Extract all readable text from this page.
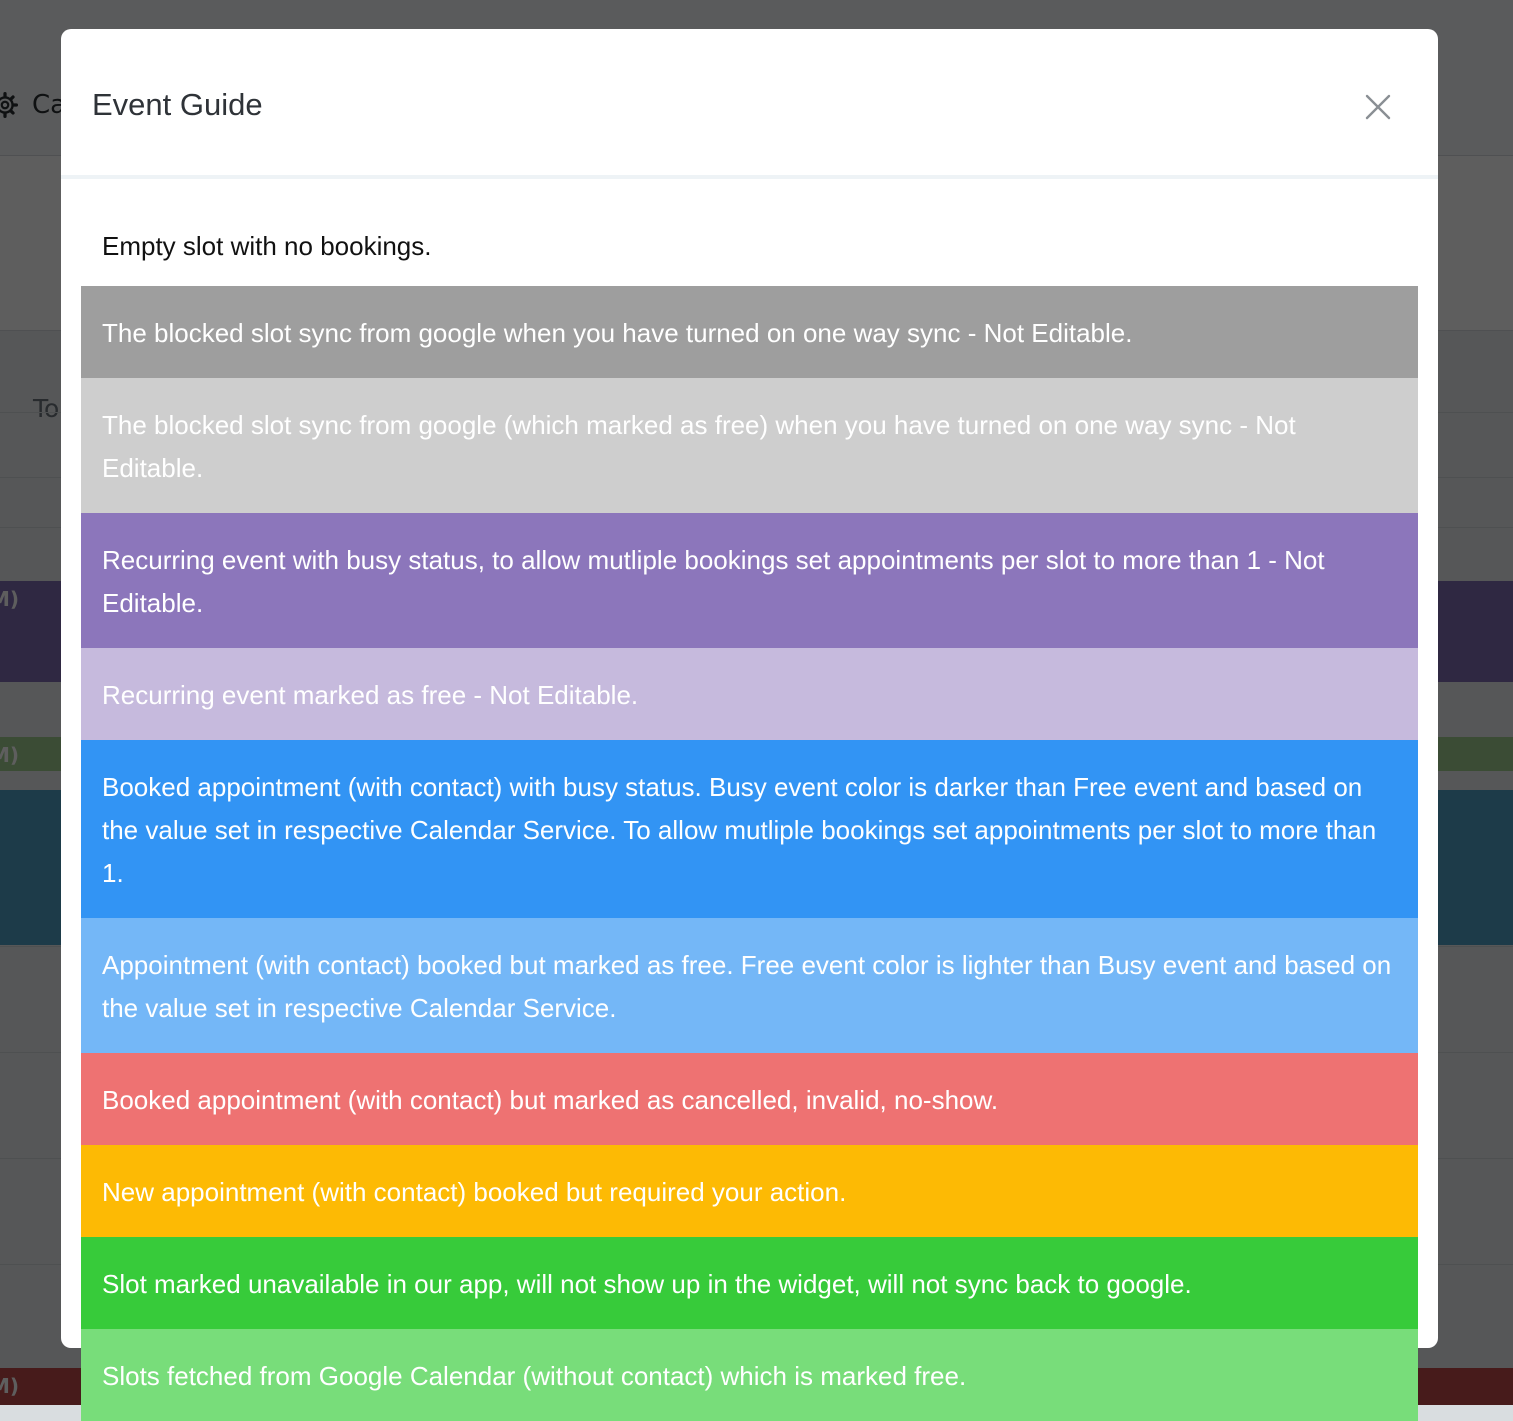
Event Guide
Empty slot with no bookings.
The blocked slot sync from google when you have turned on one way sync - Not Editable.
The blocked slot sync from google (which marked as free) when you have turned on one way sync - Not Editable.
Recurring event with busy status, to allow mutliple bookings set appointments per slot to more than 1 - Not Editable.
Recurring event marked as free - Not Editable.
Booked appointment (with contact) with busy status. Busy event color is darker than Free event and based on the value set in respective Calendar Service. To allow mutliple bookings set appointments per slot to more than 1.
Appointment (with contact) booked but marked as free. Free event color is lighter than Busy event and based on the value set in respective Calendar Service.
Booked appointment (with contact) but marked as cancelled, invalid, no-show.
New appointment (with contact) booked but required your action.
Slot marked unavailable in our app, will not show up in the widget, will not sync back to google.
Slots fetched from Google Calendar (without contact) which is marked free.
